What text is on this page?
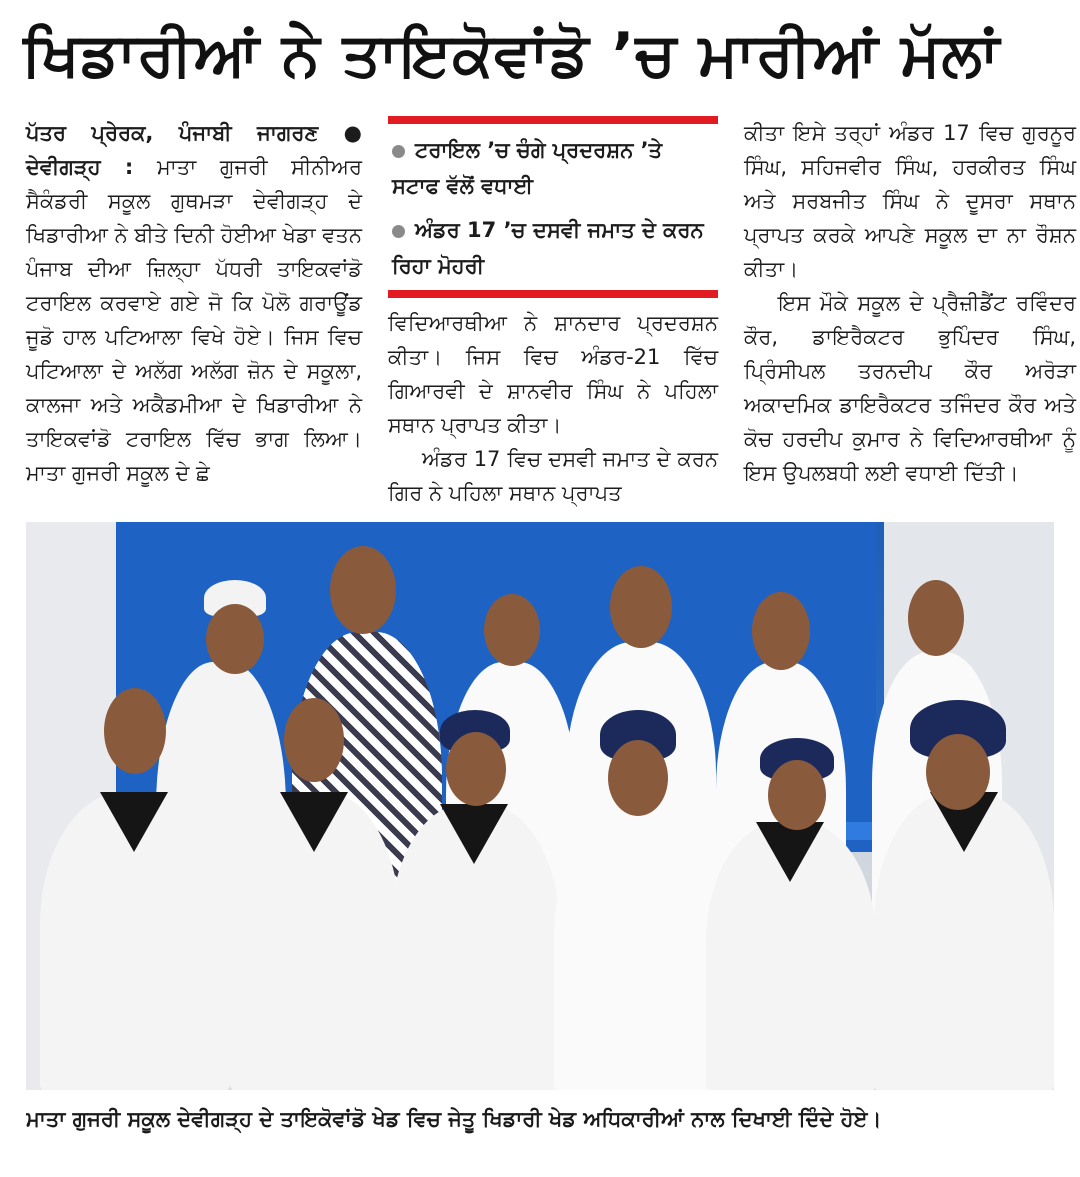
ਖਿਡਾਰੀਆਂ ਨੇ ਤਾਇਕੋਵਾਂਡੋ ’ਚ ਮਾਰੀਆਂ ਮੱਲਾਂ

ਪੱਤਰ ਪ੍ਰੇਰਕ, ਪੰਜਾਬੀ ਜਾਗਰਣ ● ਦੇਵੀਗੜ੍ਹ : ਮਾਤਾ ਗੁਜਰੀ ਸੀਨੀਅਰ ਸੈਕੰਡਰੀ ਸਕੂਲ ਗੁਥਮੜਾ ਦੇਵੀਗੜ੍ਹ ਦੇ ਖਿਡਾਰੀਆ ਨੇ ਬੀਤੇ ਦਿਨੀ ਹੋਈਆ ਖੇਡਾ ਵਤਨ ਪੰਜਾਬ ਦੀਆ ਜ਼ਿਲ੍ਹਾ ਪੱਧਰੀ ਤਾਇਕਵਾਂਡੋ ਟਰਾਇਲ ਕਰਵਾਏ ਗਏ ਜੋ ਕਿ ਪੋਲੋ ਗਰਾਊਂਡ ਜੂਡੋ ਹਾਲ ਪਟਿਆਲਾ ਵਿਖੇ ਹੋਏ। ਜਿਸ ਵਿਚ ਪਟਿਆਲਾ ਦੇ ਅਲੱਗ ਅਲੱਗ ਜ਼ੋਨ ਦੇ ਸਕੂਲਾ, ਕਾਲਜਾ ਅਤੇ ਅਕੈਡਮੀਆ ਦੇ ਖਿਡਾਰੀਆ ਨੇ ਤਾਇਕਵਾਂਡੋ ਟਰਾਇਲ ਵਿੱਚ ਭਾਗ ਲਿਆ। ਮਾਤਾ ਗੁਜਰੀ ਸਕੂਲ ਦੇ ਛੇ

ਟਰਾਇਲ ’ਚ ਚੰਗੇ ਪ੍ਰਦਰਸ਼ਨ ’ਤੇ ਸਟਾਫ ਵੱਲੋਂ ਵਧਾਈ
ਅੰਡਰ 17 ’ਚ ਦਸਵੀ ਜਮਾਤ ਦੇ ਕਰਨ ਰਿਹਾ ਮੋਹਰੀ

ਵਿਦਿਆਰਥੀਆ ਨੇ ਸ਼ਾਨਦਾਰ ਪ੍ਰਦਰਸ਼ਨ ਕੀਤਾ। ਜਿਸ ਵਿਚ ਅੰਡਰ-21 ਵਿੱਚ ਗਿਆਰਵੀ ਦੇ ਸ਼ਾਨਵੀਰ ਸਿੰਘ ਨੇ ਪਹਿਲਾ ਸਥਾਨ ਪ੍ਰਾਪਤ ਕੀਤਾ।

ਅੰਡਰ 17 ਵਿਚ ਦਸਵੀ ਜਮਾਤ ਦੇ ਕਰਨ ਗਿਰ ਨੇ ਪਹਿਲਾ ਸਥਾਨ ਪ੍ਰਾਪਤ

ਕੀਤਾ ਇਸੇ ਤਰ੍ਹਾਂ ਅੰਡਰ 17 ਵਿਚ ਗੁਰਨੂਰ ਸਿੰਘ, ਸਹਿਜਵੀਰ ਸਿੰਘ, ਹਰਕੀਰਤ ਸਿੰਘ ਅਤੇ ਸਰਬਜੀਤ ਸਿੰਘ ਨੇ ਦੂਸਰਾ ਸਥਾਨ ਪ੍ਰਾਪਤ ਕਰਕੇ ਆਪਣੇ ਸਕੂਲ ਦਾ ਨਾ ਰੌਸ਼ਨ ਕੀਤਾ।

ਇਸ ਮੌਕੇ ਸਕੂਲ ਦੇ ਪ੍ਰੈਜ਼ੀਡੈਂਟ ਰਵਿੰਦਰ ਕੌਰ, ਡਾਇਰੈਕਟਰ ਭੁਪਿੰਦਰ ਸਿੰਘ, ਪ੍ਰਿੰਸੀਪਲ ਤਰਨਦੀਪ ਕੌਰ ਅਰੋੜਾ ਅਕਾਦਮਿਕ ਡਾਇਰੈਕਟਰ ਤਜਿੰਦਰ ਕੌਰ ਅਤੇ ਕੋਚ ਹਰਦੀਪ ਕੁਮਾਰ ਨੇ ਵਿਦਿਆਰਥੀਆ ਨੂੰ ਇਸ ਉਪਲਬਧੀ ਲਈ ਵਧਾਈ ਦਿੱਤੀ।

ਮਾਤਾ ਗੁਜਰੀ ਸਕੂਲ ਦੇਵੀਗੜ੍ਹ ਦੇ ਤਾਇਕੋਵਾਂਡੋ ਖੇਡ ਵਿਚ ਜੇਤੂ ਖਿਡਾਰੀ ਖੇਡ ਅਧਿਕਾਰੀਆਂ ਨਾਲ ਦਿਖਾਈ ਦਿੰਦੇ ਹੋਏ।
